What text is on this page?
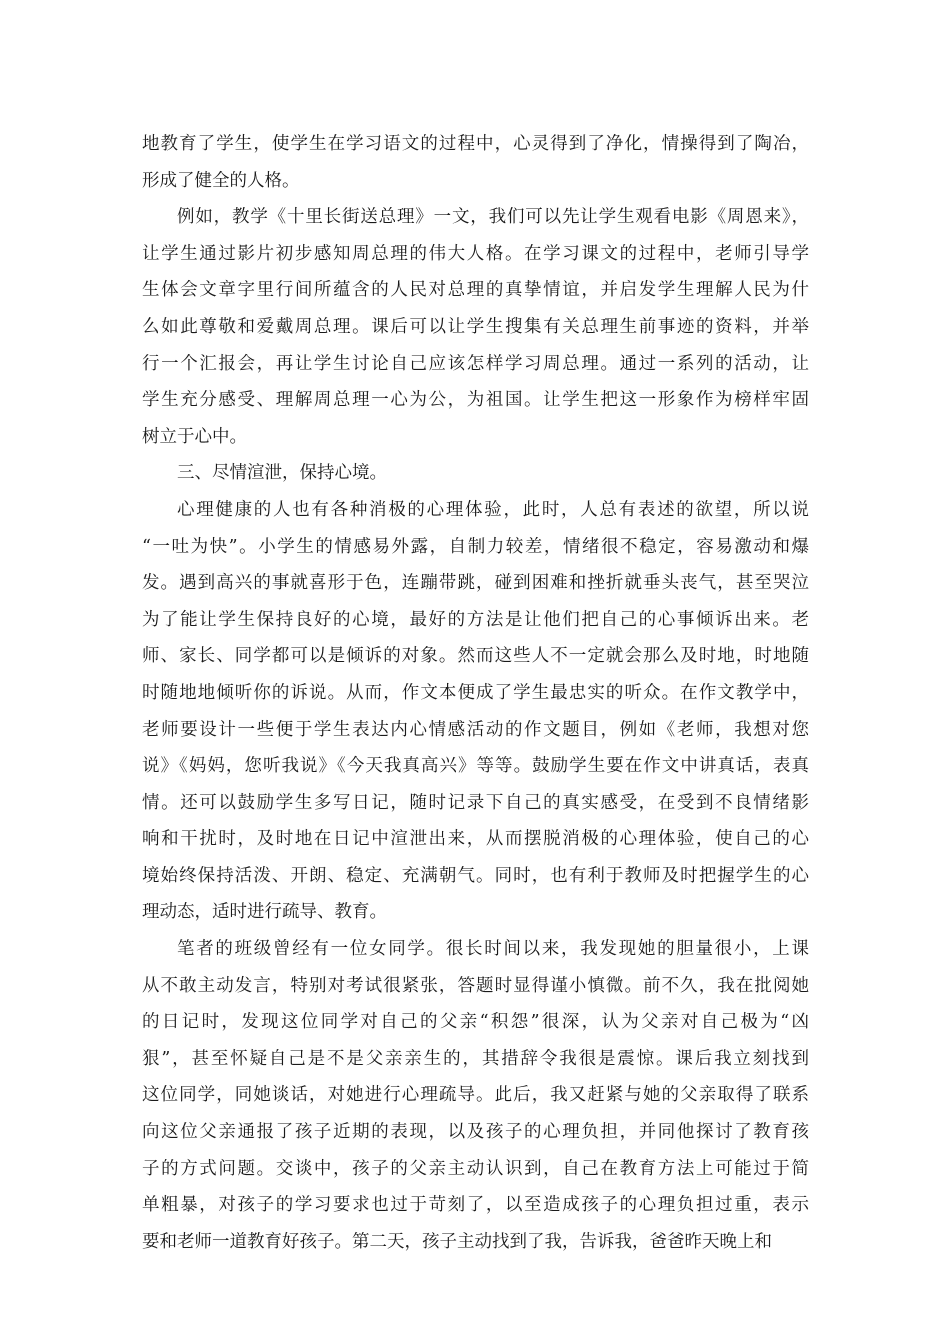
地教育了学生，使学生在学习语文的过程中，心灵得到了净化，情操得到了陶冶，
形成了健全的人格。
例如，教学《十里长街送总理》一文，我们可以先让学生观看电影《周恩来》，
让学生通过影片初步感知周总理的伟大人格。在学习课文的过程中，老师引导学
生体会文章字里行间所蕴含的人民对总理的真挚情谊，并启发学生理解人民为什
么如此尊敬和爱戴周总理。课后可以让学生搜集有关总理生前事迹的资料，并举
行一个汇报会，再让学生讨论自己应该怎样学习周总理。通过一系列的活动，让
学生充分感受、理解周总理一心为公，为祖国。让学生把这一形象作为榜样牢固
树立于心中。
三、尽情渲泄，保持心境。
心理健康的人也有各种消极的心理体验，此时，人总有表述的欲望，所以说
“一吐为快”。小学生的情感易外露，自制力较差，情绪很不稳定，容易激动和爆
发。遇到高兴的事就喜形于色，连蹦带跳，碰到困难和挫折就垂头丧气，甚至哭泣
为了能让学生保持良好的心境，最好的方法是让他们把自己的心事倾诉出来。老
师、家长、同学都可以是倾诉的对象。然而这些人不一定就会那么及时地，时地随
时随地地倾听你的诉说。从而，作文本便成了学生最忠实的听众。在作文教学中，
老师要设计一些便于学生表达内心情感活动的作文题目，例如《老师，我想对您
说》《妈妈，您听我说》《今天我真高兴》等等。鼓励学生要在作文中讲真话，表真
情。还可以鼓励学生多写日记，随时记录下自己的真实感受，在受到不良情绪影
响和干扰时，及时地在日记中渲泄出来，从而摆脱消极的心理体验，使自己的心
境始终保持活泼、开朗、稳定、充满朝气。同时，也有利于教师及时把握学生的心
理动态，适时进行疏导、教育。
笔者的班级曾经有一位女同学。很长时间以来，我发现她的胆量很小，上课
从不敢主动发言，特别对考试很紧张，答题时显得谨小慎微。前不久，我在批阅她
的日记时，发现这位同学对自己的父亲“积怨”很深，认为父亲对自己极为“凶
狠”，甚至怀疑自己是不是父亲亲生的，其措辞令我很是震惊。课后我立刻找到
这位同学，同她谈话，对她进行心理疏导。此后，我又赶紧与她的父亲取得了联系
向这位父亲通报了孩子近期的表现，以及孩子的心理负担，并同他探讨了教育孩
子的方式问题。交谈中，孩子的父亲主动认识到，自己在教育方法上可能过于简
单粗暴，对孩子的学习要求也过于苛刻了，以至造成孩子的心理负担过重，表示
要和老师一道教育好孩子。第二天，孩子主动找到了我，告诉我，爸爸昨天晚上和
